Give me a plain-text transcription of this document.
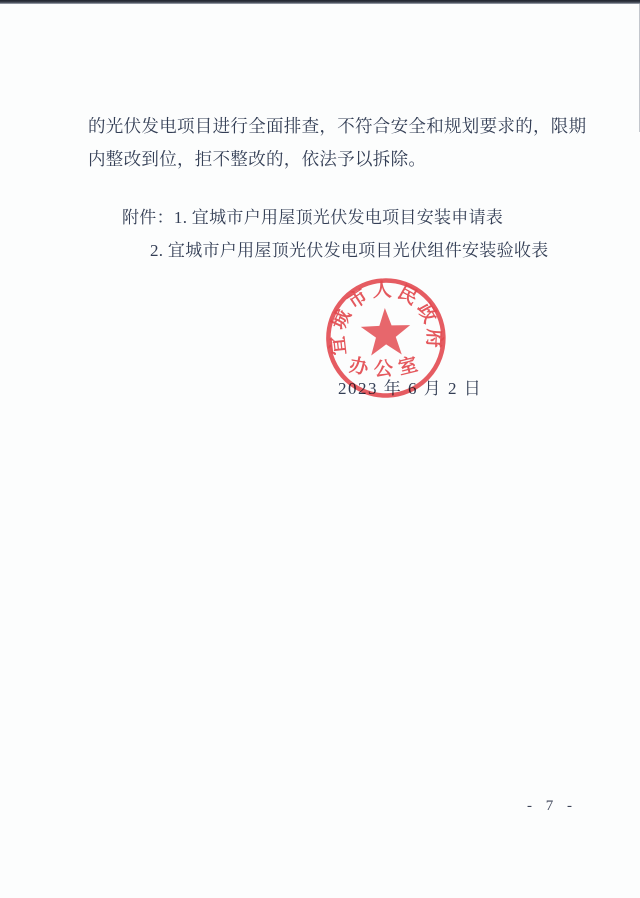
的光伏发电项目进行全面排查，不符合安全和规划要求的，限期
内整改到位，拒不整改的，依法予以拆除。
附件：1. 宜城市户用屋顶光伏发电项目安装申请表
2. 宜城市户用屋顶光伏发电项目光伏组件安装验收表
宜城市人民政府
办公室
2023 年 6 月 2 日
- 7 -
